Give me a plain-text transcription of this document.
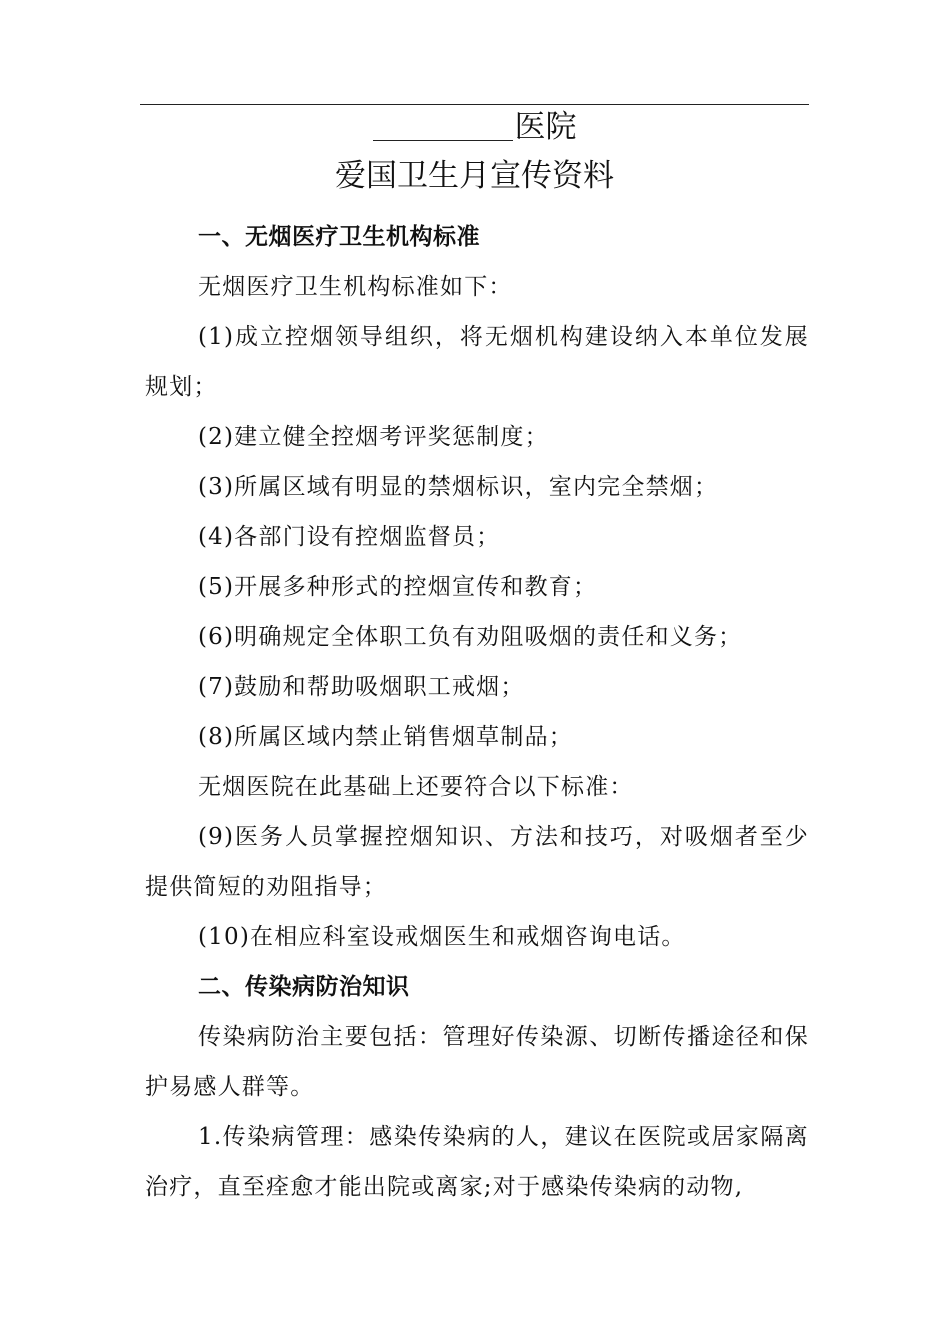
医院
爱国卫生月宣传资料

一、无烟医疗卫生机构标准

无烟医疗卫生机构标准如下：

(1)成立控烟领导组织，将无烟机构建设纳入本单位发展规划；

(2)建立健全控烟考评奖惩制度；

(3)所属区域有明显的禁烟标识，室内完全禁烟；

(4)各部门设有控烟监督员；

(5)开展多种形式的控烟宣传和教育；

(6)明确规定全体职工负有劝阻吸烟的责任和义务；

(7)鼓励和帮助吸烟职工戒烟；

(8)所属区域内禁止销售烟草制品；

无烟医院在此基础上还要符合以下标准：

(9)医务人员掌握控烟知识、方法和技巧，对吸烟者至少提供简短的劝阻指导；

(10)在相应科室设戒烟医生和戒烟咨询电话。

二、传染病防治知识

传染病防治主要包括：管理好传染源、切断传播途径和保护易感人群等。

1.传染病管理：感染传染病的人，建议在医院或居家隔离治疗，直至痊愈才能出院或离家;对于感染传染病的动物,
